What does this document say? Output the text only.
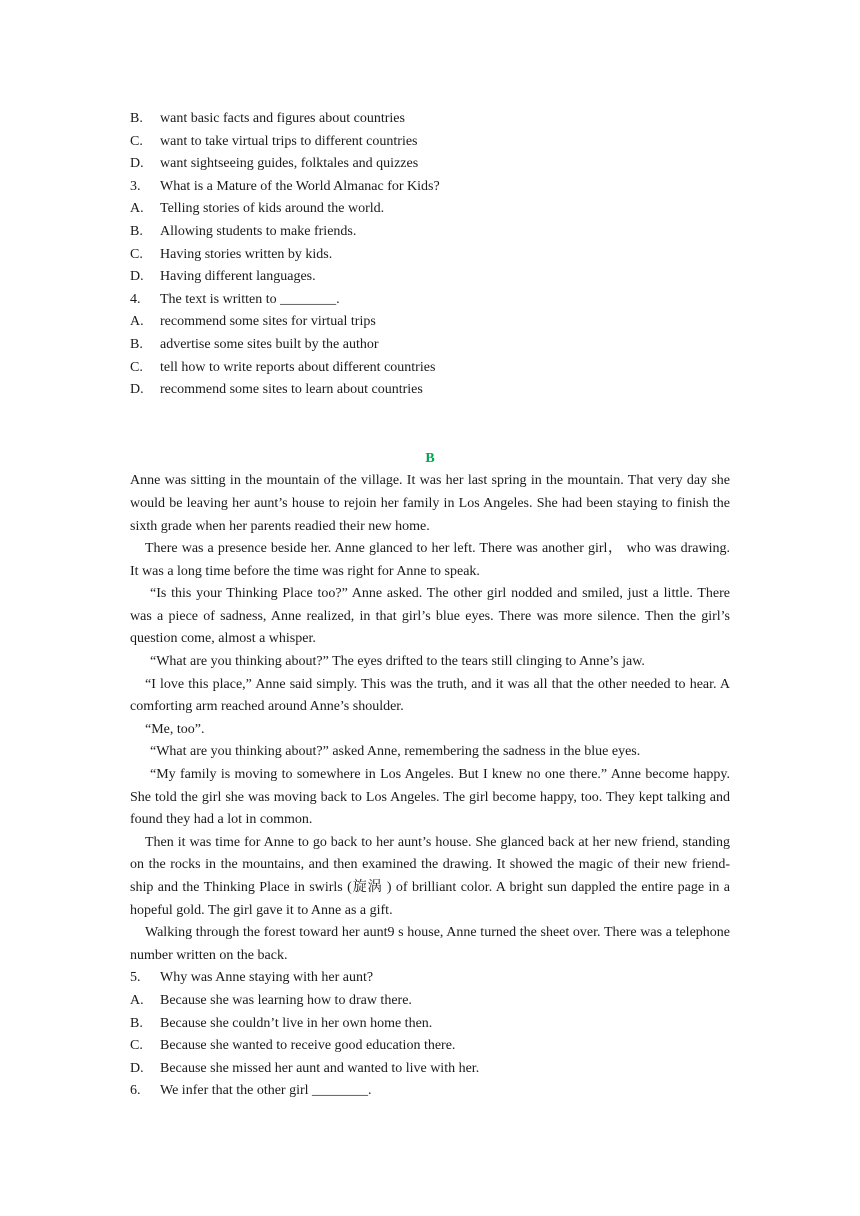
B.	want basic facts and figures about countries
C.	want to take virtual trips to different countries
D.	want sightseeing guides, folktales and quizzes
3.	What is a Mature of the World Almanac for Kids?
A.	Telling stories of kids around the world.
B.	Allowing students to make friends.
C.	Having stories written by kids.
D.	Having different languages.
4.	The text is written to ________.
A.	recommend some sites for virtual trips
B.	advertise some sites built by the author
C.	tell how to write reports about different countries
D.	recommend some sites to learn about countries
B

Anne was sitting in the mountain of the village. It was her last spring in the mountain. That very day she would be leaving her aunt’s house to rejoin her family in Los Angeles. She had been staying to finish the sixth grade when her parents readied their new home.

There was a presence beside her. Anne glanced to her left. There was another girl， who was drawing. It was a long time before the time was right for Anne to speak.

“Is this your Thinking Place too?” Anne asked. The other girl nodded and smiled, just a little. There was a piece of sadness, Anne realized, in that girl’s blue eyes. There was more silence. Then the girl’s question come, almost a whisper.

“What are you thinking about?” The eyes drifted to the tears still clinging to Anne’s jaw.

“I love this place,” Anne said simply. This was the truth, and it was all that the other needed to hear. A comforting arm reached around Anne’s shoulder.

“Me, too”.

“What are you thinking about?” asked Anne, remembering the sadness in the blue eyes.

“My family is moving to somewhere in Los Angeles. But I knew no one there.” Anne become happy. She told the girl she was moving back to Los Angeles. The girl become happy, too. They kept talking and found they had a lot in common.

Then it was time for Anne to go back to her aunt’s house. She glanced back at her new friend, standing on the rocks in the mountains, and then examined the drawing. It showed the magic of their new friend-ship and the Thinking Place in swirls (旋涡 ) of brilliant color. A bright sun dappled the entire page in a hopeful gold. The girl gave it to Anne as a gift.

Walking through the forest toward her aunt9 s house, Anne turned the sheet over. There was a telephone number written on the back.

5.	Why was Anne staying with her aunt?
A.	Because she was learning how to draw there.
B.	Because she couldn’t live in her own home then.
C.	Because she wanted to receive good education there.
D.	Because she missed her aunt and wanted to live with her.
6.	We infer that the other girl ________.
